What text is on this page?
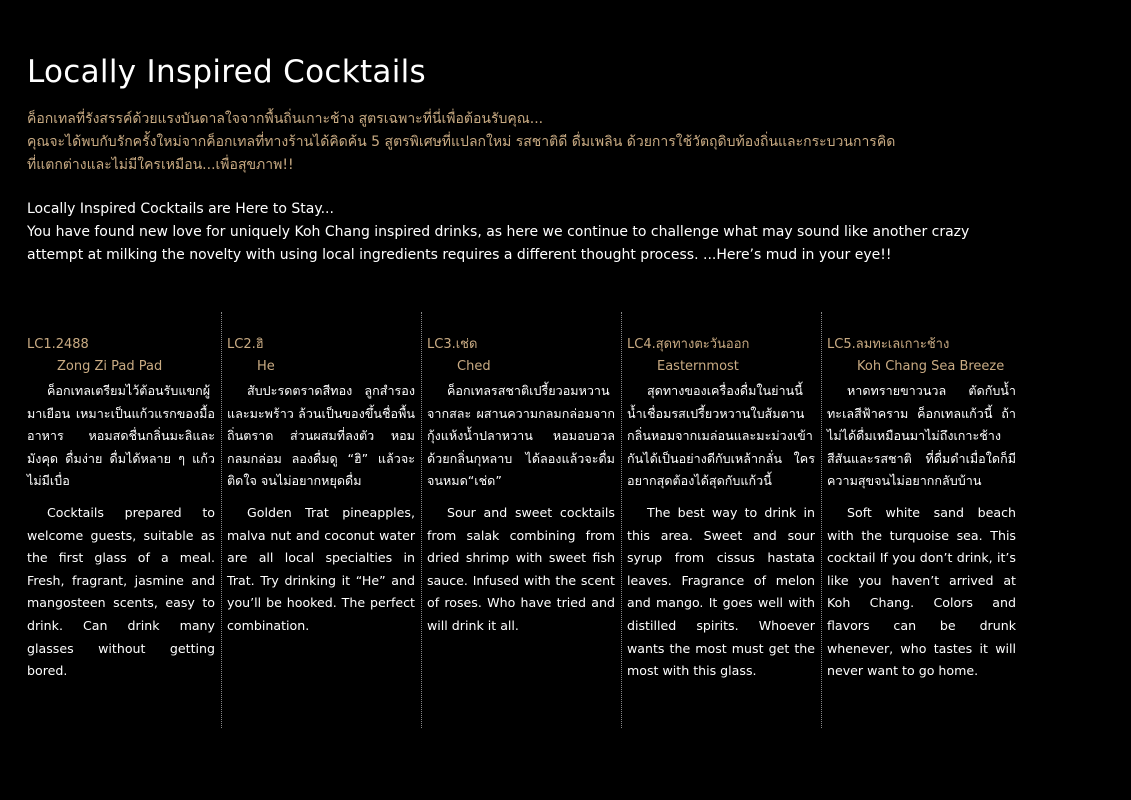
Locally Inspired Cocktails
ค็อกเทลที่รังสรรค์ด้วยแรงบันดาลใจจากพื้นถิ่นเกาะช้าง สูตรเฉพาะที่นี่เพื่อต้อนรับคุณ...
คุณจะได้พบกับรักครั้งใหม่จากค็อกเทลที่ทางร้านได้คิดค้น 5 สูตรพิเศษที่แปลกใหม่ รสชาติดี ดื่มเพลิน ด้วยการใช้วัตถุดิบท้องถิ่นและกระบวนการคิด
ที่แตกต่างและไม่มีใครเหมือน...เพื่อสุขภาพ!!
Locally Inspired Cocktails are Here to Stay...
You have found new love for uniquely Koh Chang inspired drinks, as here we continue to challenge what may sound like another crazy
attempt at milking the novelty with using local ingredients requires a different thought process. ...Here’s mud in your eye!!
LC1.2488
Zong Zi Pad Pad

ค็อกเทลเตรียมไว้ต้อนรับแขกผู้มาเยือน เหมาะเป็นแก้วแรกของมื้ออาหาร หอมสดชื่นกลิ่นมะลิและมังคุด ดื่มง่าย ดื่มได้หลาย ๆ แก้วไม่มีเบื่อ

Cocktails prepared to welcome guests, suitable as the first glass of a meal. Fresh, fragrant, jasmine and mangosteen scents, easy to drink. Can drink many glasses without getting bored.

LC2.ฮิ
He

สับปะรดตราดสีทอง ลูกสำรอง และมะพร้าว ล้วนเป็นของขึ้นชื่อพื้นถิ่นตราด ส่วนผสมที่ลงตัว หอมกลมกล่อม ลองดื่มดู “ฮิ” แล้วจะติดใจ จนไม่อยากหยุดดื่ม

Golden Trat pineapples, malva nut and coconut water are all local specialties in Trat. Try drinking it “He” and you’ll be hooked. The perfect combination.

LC3.เช่ด
Ched

ค็อกเทลรสชาติเปรี้ยวอมหวานจากสละ ผสานความกลมกล่อมจากกุ้งแห้งน้ำปลาหวาน หอมอบอวลด้วยกลิ่นกุหลาบ ได้ลองแล้วจะดื่มจนหมด“เช่ด”

Sour and sweet cocktails from salak combining from dried shrimp with sweet fish sauce. Infused with the scent of roses. Who have tried and will drink it all.

LC4.สุดทางตะวันออก
Easternmost

สุดทางของเครื่องดื่มในย่านนี้ น้ำเชื่อมรสเปรี้ยวหวานใบส้มตาน กลิ่นหอมจากเมล่อนและมะม่วงเข้ากันได้เป็นอย่างดีกับเหล้ากลั่น ใครอยากสุดต้องได้สุดกับแก้วนี้

The best way to drink in this area. Sweet and sour syrup from cissus hastata leaves. Fragrance of melon and mango. It goes well with distilled spirits. Whoever wants the most must get the most with this glass.

LC5.ลมทะเลเกาะช้าง
Koh Chang Sea Breeze

หาดทรายขาวนวล ตัดกับน้ำทะเลสีฟ้าคราม ค็อกเทลแก้วนี้ ถ้าไม่ได้ดื่มเหมือนมาไม่ถึงเกาะช้าง สีสันและรสชาติ ที่ดื่มดำเมื่อใดก็มีความสุขจนไม่อยากกลับบ้าน

Soft white sand beach with the turquoise sea. This cocktail If you don’t drink, it’s like you haven’t arrived at Koh Chang. Colors and flavors can be drunk whenever, who tastes it will never want to go home.
